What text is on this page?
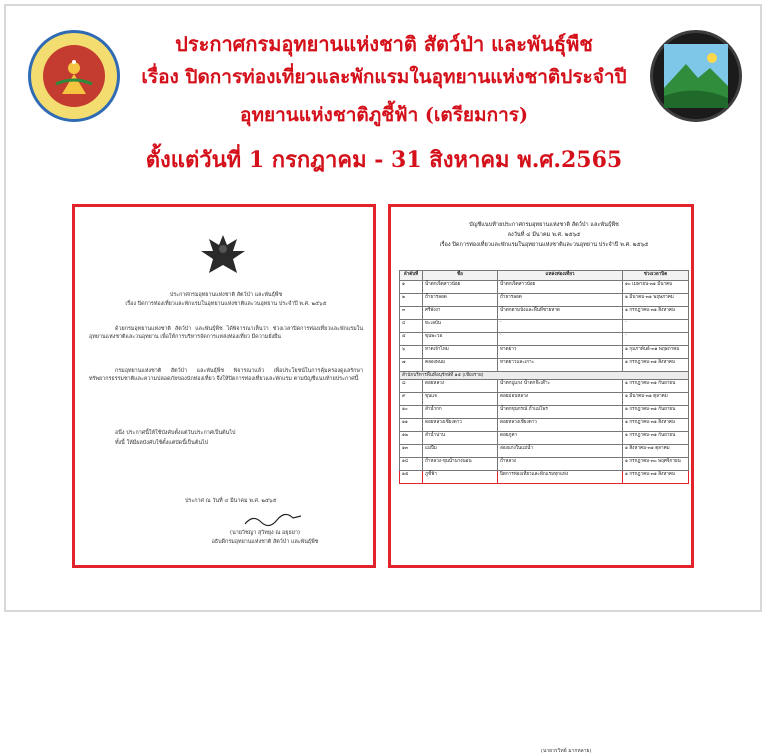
ประกาศกรมอุทยานแห่งชาติ สัตว์ป่า และพันธุ์พืช
เรื่อง ปิดการท่องเที่ยวและพักแรมในอุทยานแห่งชาติประจำปี
อุทยานแห่งชาติภูชี้ฟ้า (เตรียมการ)
ตั้งแต่วันที่ 1 กรกฎาคม - 31 สิงหาคม พ.ศ.2565
ประกาศกรมอุทยานแห่งชาติ สัตว์ป่า และพันธุ์พืช
เรื่อง ปิดการท่องเที่ยวและพักแรมในอุทยานแห่งชาติและวนอุทยาน ประจำปี พ.ศ. ๒๕๖๕
ด้วยกรมอุทยานแห่งชาติ สัตว์ป่า และพันธุ์พืช ได้พิจารณาเห็นว่า ช่วงเวลาปิดการท่องเที่ยวและพักแรมในอุทยานแห่งชาติและวนอุทยาน เพื่อให้การบริหารจัดการแหล่งท่องเที่ยว มีความยั่งยืน
กรมอุทยานแห่งชาติ สัตว์ป่า และพันธุ์พืช พิจารณาแล้ว เพื่อประโยชน์ในการคุ้มครองดูแลรักษาทรัพยากรธรรมชาติและความปลอดภัยของนักท่องเที่ยว จึงให้ปิดการท่องเที่ยวและพักแรม ตามบัญชีแนบท้ายประกาศนี้
อนึ่ง ประกาศนี้ให้ใช้บังคับตั้งแต่วันประกาศเป็นต้นไป
ทั้งนี้ ให้มีผลบังคับใช้ตั้งแต่บัดนี้เป็นต้นไป
ประกาศ ณ วันที่ ๔ มีนาคม พ.ศ. ๒๕๖๕
(นายวิชญา สุวิทยุง ณ อยุธยา)
อธิบดีกรมอุทยานแห่งชาติ สัตว์ป่า และพันธุ์พืช
บัญชีแนบท้ายประกาศกรมอุทยานแห่งชาติ สัตว์ป่า และพันธุ์พืช
ลงวันที่ ๔ มีนาคม พ.ศ. ๒๕๖๕
เรื่อง ปิดการท่องเที่ยวและพักแรมในอุทยานแห่งชาติและวนอุทยาน ประจำปี พ.ศ. ๒๕๖๕
ลำดับที่	ชื่อ	แหล่งท่องเที่ยว	ช่วงเวลาปิด
๑	น้ำตกเจ็ดสาวน้อย	น้ำตกเจ็ดสาวน้อย	๑๐ เมษายน-๓๑ มีนาคม
๒	ถ้ำธารลอด	ถ้ำธารลอด	๑ มีนาคม-๓๑ พฤษภาคม
๓	ศรีพังงา	น้ำตกตามนังและพื้นที่ชายหาด	๑ กรกฎาคม-๓๑ สิงหาคม
๔	ทะเลบัน	-	-
๕	ขุนพะวอ	-	-
๖	หาดเจ้าไหม	หาดยาว	๑ กุมภาพันธ์-๓๑ พฤษภาคม
๗	คลองพนม	หาดยาวและเกาะ	๑ กรกฎาคม-๓๑ สิงหาคม
สำนักบริหารพื้นที่อนุรักษ์ที่ ๑๕ (เชียงราย)			
๘	ดอยหลวง	น้ำตกปูแกง น้ำตกจ๊ะเด๊าะ	๑ กรกฎาคม-๓๑ กันยายน
๙	ขุนแจ	ดอยม่อนหลวง	๑ มีนาคม-๓๑ ตุลาคม
๑๐	ลำน้ำกก	น้ำตกขุนกรณ์ ถ้ำแม่ไพร	๑ กรกฎาคม-๓๑ กันยายน
๑๑	ดอยหลวงเชียงดาว	ดอยหลวงเชียงดาว	๑ กรกฎาคม-๓๑ สิงหาคม
๑๒	ลำน้ำน่าน	ดอยภูคา	๑ กรกฎาคม-๓๑ กันยายน
๑๓	แม่ปืม	ล่องแก่งในแม่น้ำ	๑ สิงหาคม-๓๑ ตุลาคม
๑๔	ถ้ำหลวง-ขุนน้ำนางนอน	ถ้ำหลวง	๑ กรกฎาคม-๓๐ พฤศจิกายน
๑๕	ภูชี้ฟ้า	ปิดการท่องเที่ยวและพักแรมทุกแห่ง	๑ กรกฎาคม-๓๑ สิงหาคม
(นายวรวิทย์ มากหลาย)
